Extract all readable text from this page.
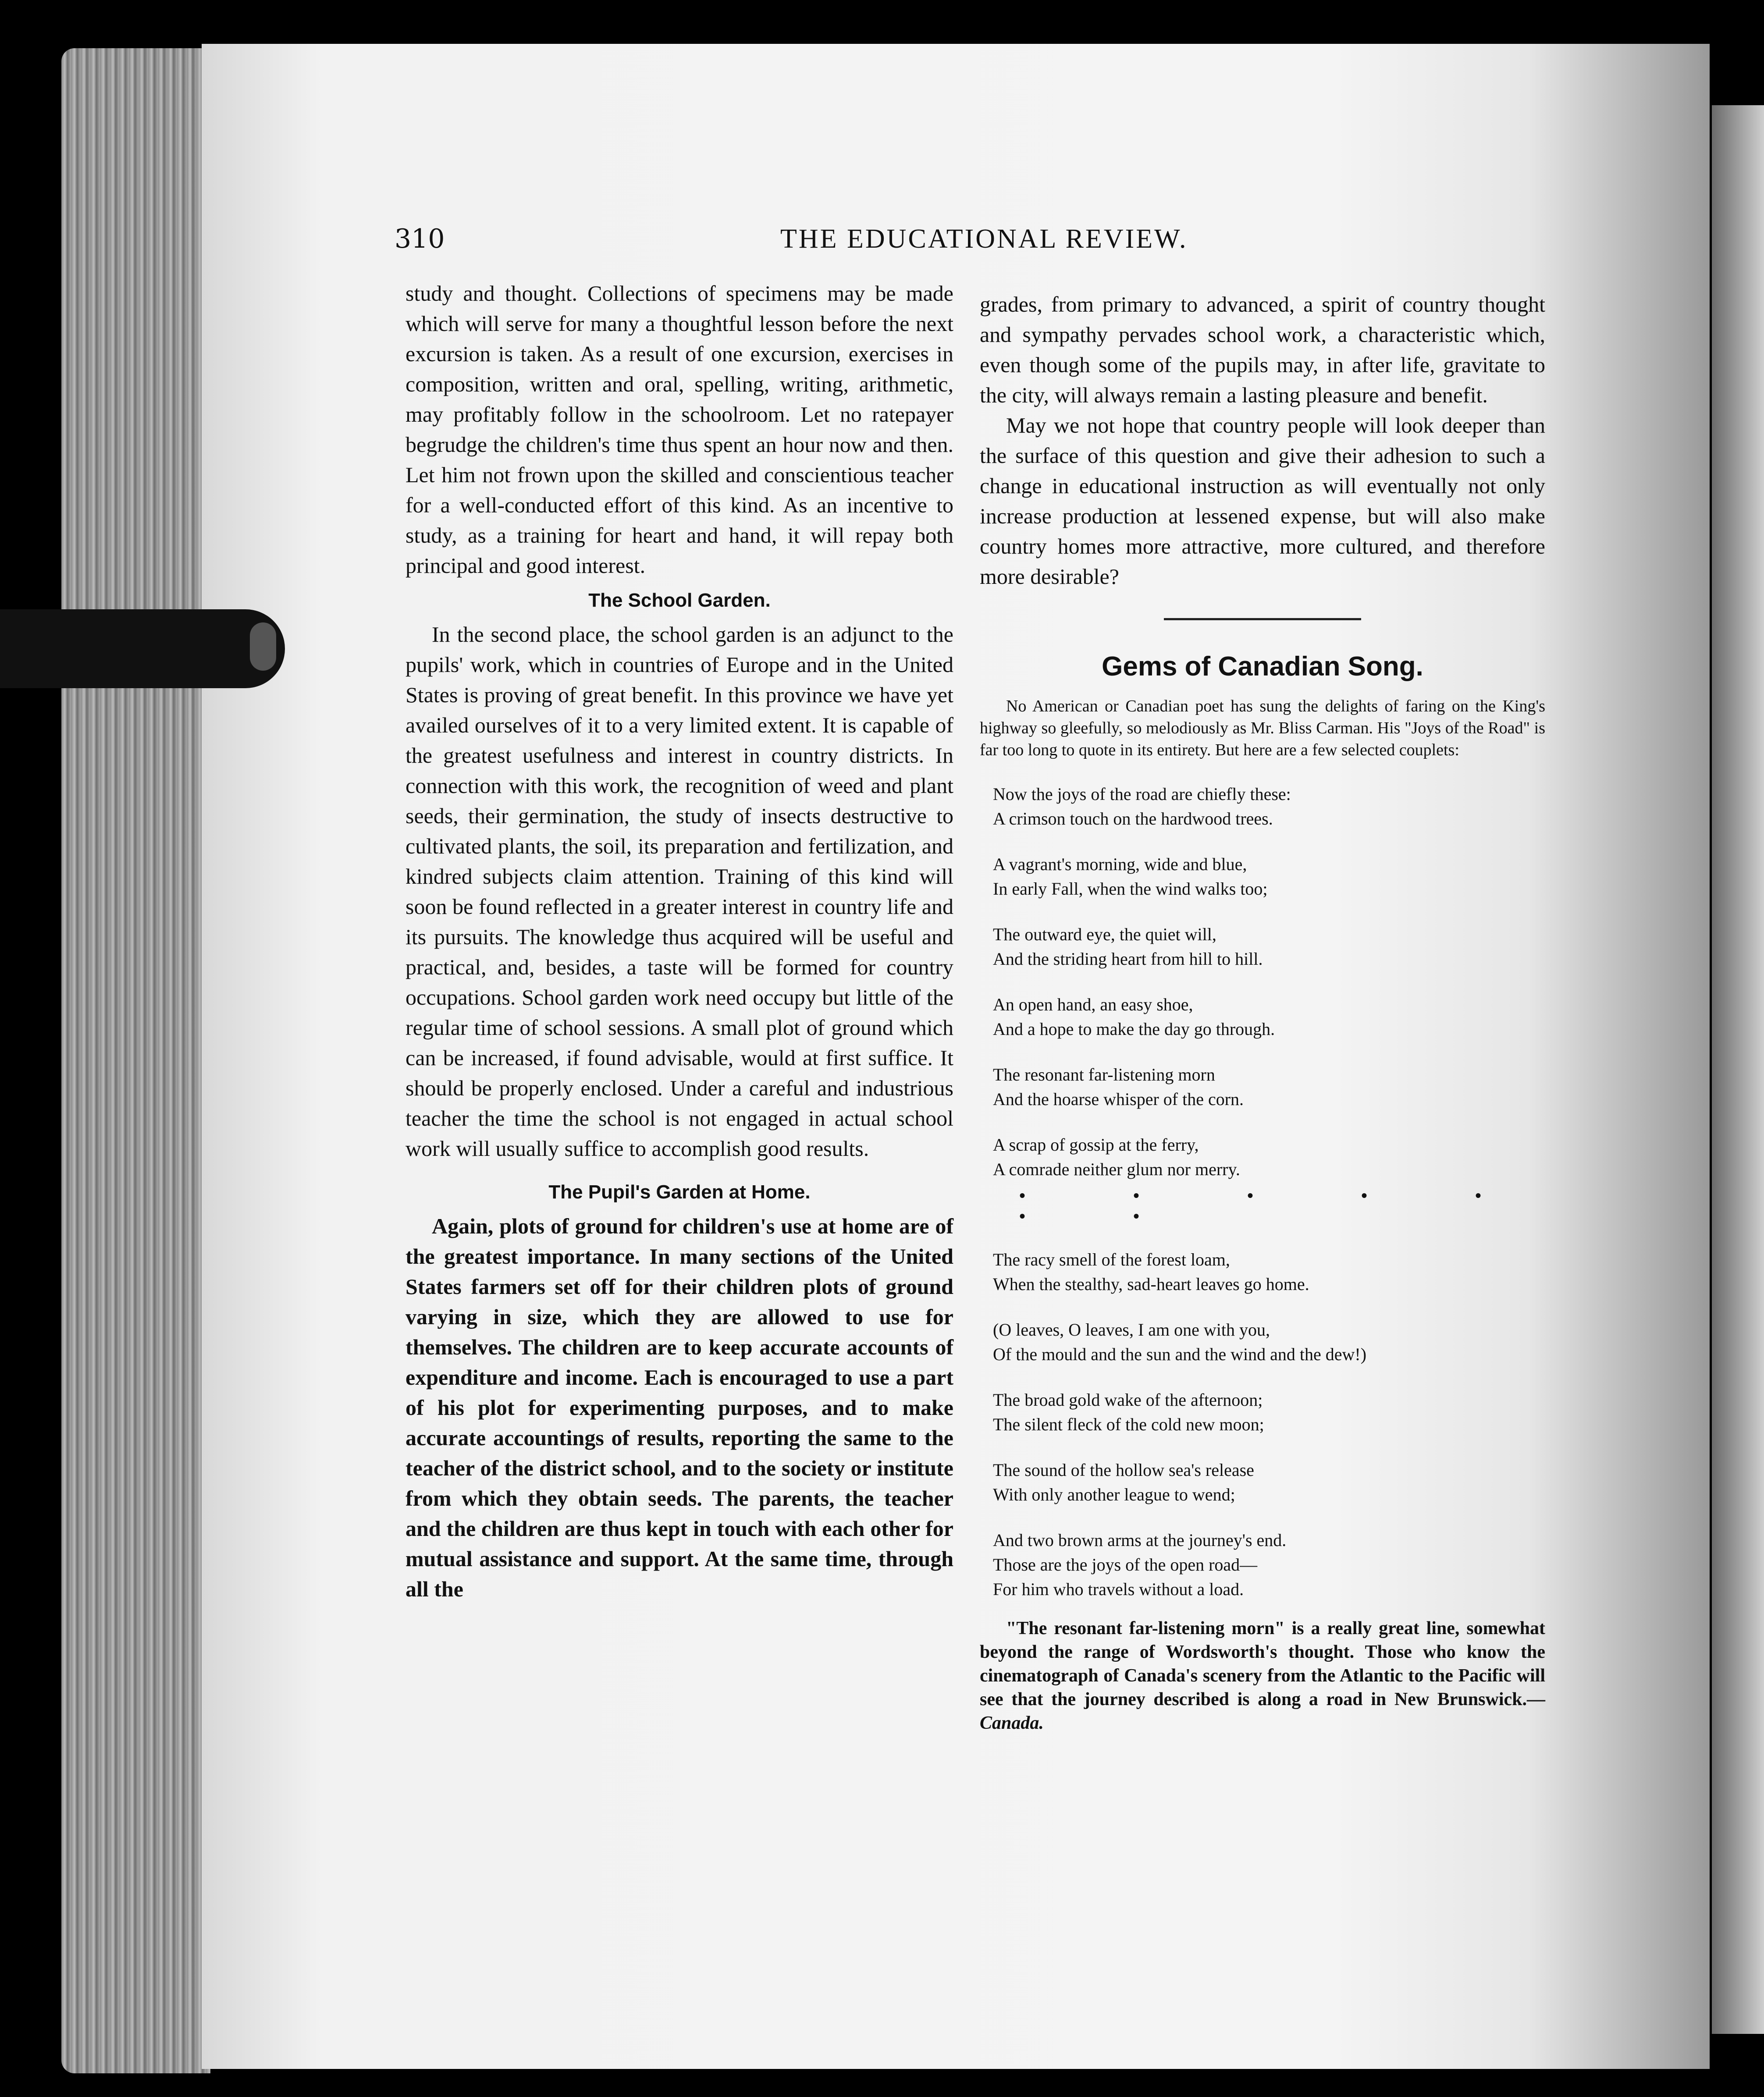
310	THE EDUCATIONAL REVIEW.

study and thought. Collections of specimens may be made which will serve for many a thoughtful lesson before the next excursion is taken. As a result of one excursion, exercises in composition, written and oral, spelling, writing, arithmetic, may profitably follow in the schoolroom. Let no ratepayer begrudge the children's time thus spent an hour now and then. Let him not frown upon the skilled and conscientious teacher for a well-conducted effort of this kind. As an incentive to study, as a training for heart and hand, it will repay both principal and good interest.

The School Garden.

In the second place, the school garden is an adjunct to the pupils' work, which in countries of Europe and in the United States is proving of great benefit. In this province we have yet availed ourselves of it to a very limited extent. It is capable of the greatest usefulness and interest in country districts. In connection with this work, the recognition of weed and plant seeds, their germination, the study of insects destructive to cultivated plants, the soil, its preparation and fertilization, and kindred subjects claim attention. Training of this kind will soon be found reflected in a greater interest in country life and its pursuits. The knowledge thus acquired will be useful and practical, and, besides, a taste will be formed for country occupations. School garden work need occupy but little of the regular time of school sessions. A small plot of ground which can be increased, if found advisable, would at first suffice. It should be properly enclosed. Under a careful and industrious teacher the time the school is not engaged in actual school work will usually suffice to accomplish good results.

The Pupil's Garden at Home.

Again, plots of ground for children's use at home are of the greatest importance. In many sections of the United States farmers set off for their children plots of ground varying in size, which they are allowed to use for themselves. The children are to keep accurate accounts of expenditure and income. Each is encouraged to use a part of his plot for experimenting purposes, and to make accurate accountings of results, reporting the same to the teacher of the district school, and to the society or institute from which they obtain seeds. The parents, the teacher and the children are thus kept in touch with each other for mutual assistance and support. At the same time, through all the

grades, from primary to advanced, a spirit of country thought and sympathy pervades school work, a characteristic which, even though some of the pupils may, in after life, gravitate to the city, will always remain a lasting pleasure and benefit.

May we not hope that country people will look deeper than the surface of this question and give their adhesion to such a change in educational instruction as will eventually not only increase production at lessened expense, but will also make country homes more attractive, more cultured, and therefore more desirable?

Gems of Canadian Song.

No American or Canadian poet has sung the delights of faring on the King's highway so gleefully, so melodiously as Mr. Bliss Carman. His "Joys of the Road" is far too long to quote in its entirety. But here are a few selected couplets:

Now the joys of the road are chiefly these:
A crimson touch on the hardwood trees.
A vagrant's morning, wide and blue,
In early Fall, when the wind walks too;
The outward eye, the quiet will,
And the striding heart from hill to hill.
An open hand, an easy shoe,
And a hope to make the day go through.
The resonant far-listening morn
And the hoarse whisper of the corn.
A scrap of gossip at the ferry,
A comrade neither glum nor merry.
• • • • • • •
The racy smell of the forest loam,
When the stealthy, sad-heart leaves go home.
(O leaves, O leaves, I am one with you,
Of the mould and the sun and the wind and the dew!)
The broad gold wake of the afternoon;
The silent fleck of the cold new moon;
The sound of the hollow sea's release
With only another league to wend;
And two brown arms at the journey's end.
Those are the joys of the open road—
For him who travels without a load.

"The resonant far-listening morn" is a really great line, somewhat beyond the range of Wordsworth's thought. Those who know the cinematograph of Canada's scenery from the Atlantic to the Pacific will see that the journey described is along a road in New Brunswick.—Canada.
